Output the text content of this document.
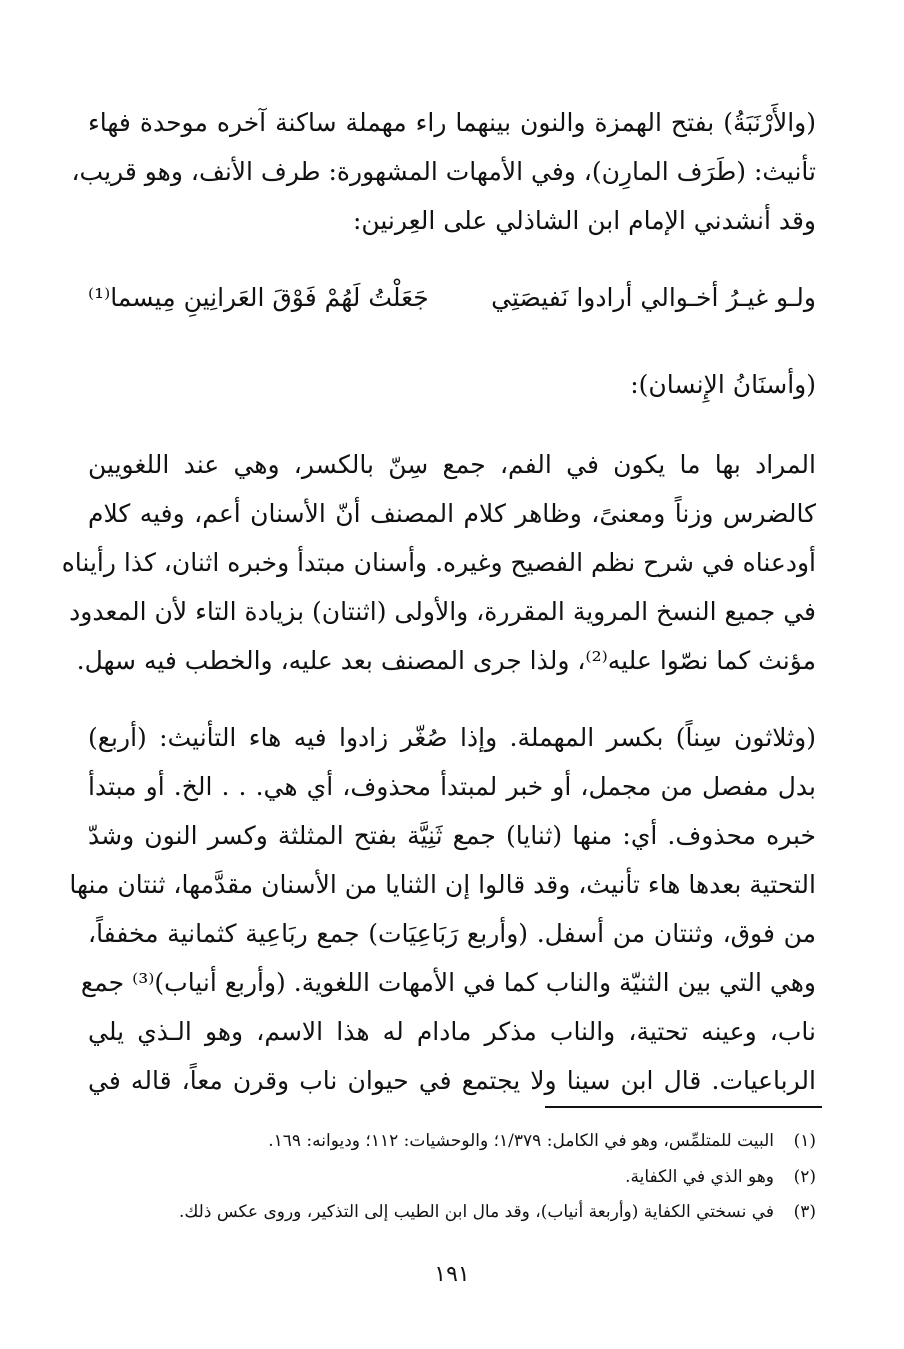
(والأَرْنَبَةُ) بفتح الهمزة والنون بينهما راء مهملة ساكنة آخره موحدة فهاء
تأنيث: (طَرَف المارِن)، وفي الأمهات المشهورة: طرف الأنف، وهو قريب،
وقد أنشدني الإمام ابن الشاذلي على العِرنين:
ولـو غيـرُ أخـوالي أرادوا نَفيصَتِي
جَعَلْتُ لَهُمْ فَوْقَ العَرانِينِ مِيسما⁽¹⁾
(وأسنَانُ الإِنسان):
المراد بها ما يكون في الفم، جمع سِنّ بالكسر، وهي عند اللغويين
كالضرس وزناً ومعنىً، وظاهر كلام المصنف أنّ الأسنان أعم، وفيه كلام
أودعناه في شرح نظم الفصيح وغيره. وأسنان مبتدأ وخبره اثنان، كذا رأيناه
في جميع النسخ المروية المقررة، والأولى (اثنتان) بزيادة التاء لأن المعدود
مؤنث كما نصّوا عليه⁽²⁾، ولذا جرى المصنف بعد عليه، والخطب فيه سهل.
(وثلاثون سِناً) بكسر المهملة. وإذا صُغّر زادوا فيه هاء التأنيث: (أربع)
بدل مفصل من مجمل، أو خبر لمبتدأ محذوف، أي هي. . . الخ. أو مبتدأ
خبره محذوف. أي: منها (ثنايا) جمع ثَنِيَّة بفتح المثلثة وكسر النون وشدّ
التحتية بعدها هاء تأنيث، وقد قالوا إن الثنايا من الأسنان مقدَّمها، ثنتان منها
من فوق، وثنتان من أسفل. (وأربع رَبَاعِيَات) جمع ربَاعِية كثمانية مخففاً،
وهي التي بين الثنيّة والناب كما في الأمهات اللغوية. (وأربع أنياب)⁽³⁾ جمع
ناب، وعينه تحتية، والناب مذكر مادام له هذا الاسم، وهو الـذي يلي
الرباعيات. قال ابن سينا ولا يجتمع في حيوان ناب وقرن معاً، قاله في
(١)البيت للمتلمِّس، وهو في الكامل: ١/٣٧٩؛ والوحشيات: ١١٢؛ وديوانه: ١٦٩.
(٢)وهو الذي في الكفاية.
(٣)في نسختي الكفاية (وأربعة أنياب)، وقد مال ابن الطيب إلى التذكير، وروى عكس ذلك.
١٩١
